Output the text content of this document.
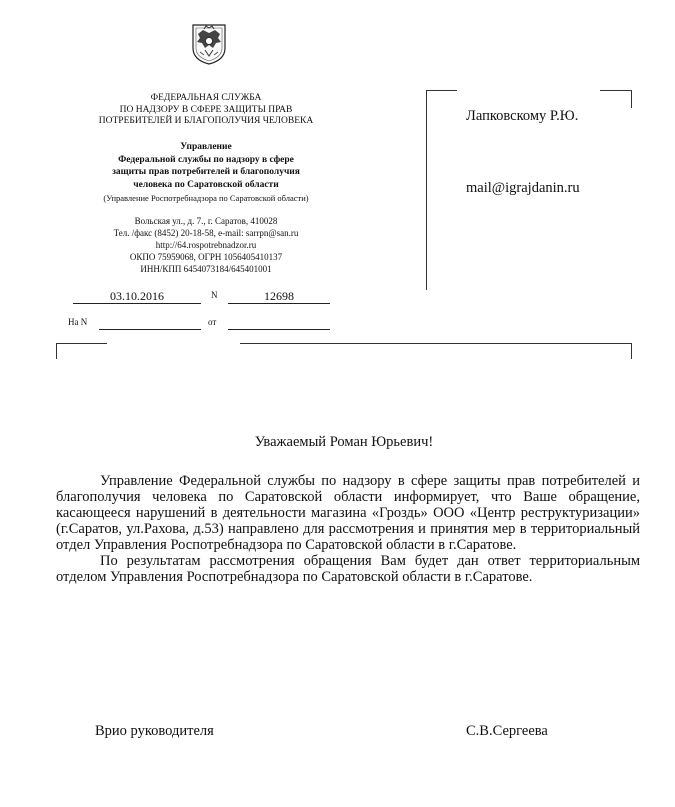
ФЕДЕРАЛЬНАЯ СЛУЖБА
ПО НАДЗОРУ В СФЕРЕ ЗАЩИТЫ ПРАВ
ПОТРЕБИТЕЛЕЙ И БЛАГОПОЛУЧИЯ ЧЕЛОВЕКА
Управление
Федеральной службы по надзору в сфере
защиты прав потребителей и благополучия
человека по Саратовской области
(Управление Роспотребнадзора по Саратовской области)
Вольская ул., д. 7., г. Саратов, 410028
Тел. /факс (8452) 20-18-58, e-mail: sarrpn@san.ru
http://64.rospotrebnadzor.ru
ОКПО 75959068, ОГРН 1056405410137
ИНН/КПП 6454073184/645401001
03.10.2016	N	12698
На N	от
Лапковскому Р.Ю.
mail@igrajdanin.ru
Уважаемый Роман Юрьевич!

Управление Федеральной службы по надзору в сфере защиты прав потребителей и благополучия человека по Саратовской области информирует, что Ваше обращение, касающееся нарушений в деятельности магазина «Гроздь» ООО «Центр реструктуризации» (г.Саратов, ул.Рахова, д.53) направлено для рассмотрения и принятия мер в территориальный отдел Управления Роспотребнадзора по Саратовской области в г.Саратове.

По результатам рассмотрения обращения Вам будет дан ответ территориальным отделом Управления Роспотребнадзора по Саратовской области в г.Саратове.

Врио руководителя	С.В.Сергеева
